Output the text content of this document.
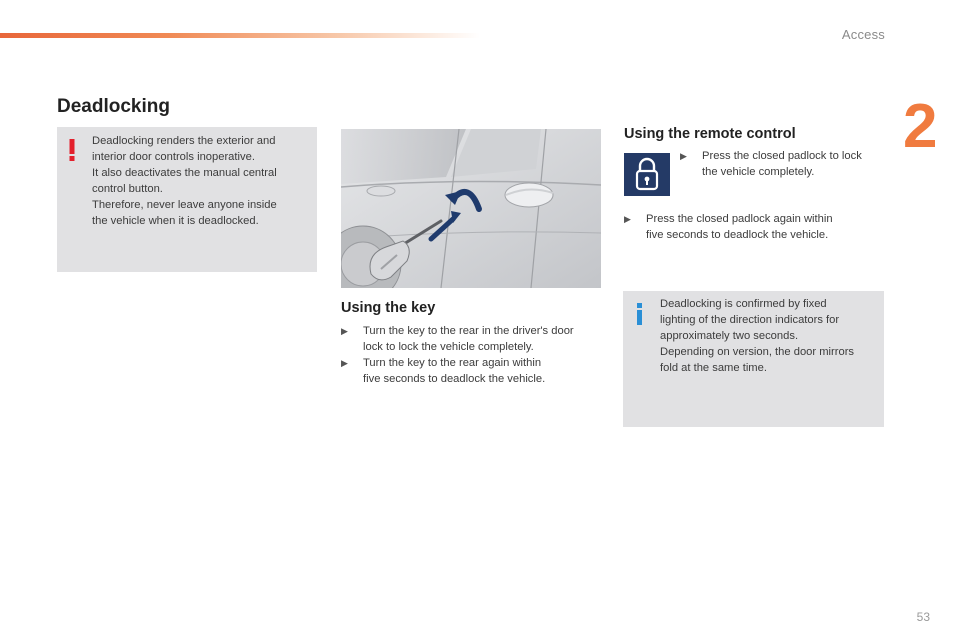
Access
2
Deadlocking

Deadlocking renders the exterior and
interior door controls inoperative.
It also deactivates the manual central
control button.
Therefore, never leave anyone inside
the vehicle when it is deadlocked.

Using the key
▶ Turn the key to the rear in the driver's door
lock to lock the vehicle completely.
▶ Turn the key to the rear again within
five seconds to deadlock the vehicle.
Using the remote control
▶ Press the closed padlock to lock
the vehicle completely.
▶ Press the closed padlock again within
five seconds to deadlock the vehicle.

Deadlocking is confirmed by fixed
lighting of the direction indicators for
approximately two seconds.
Depending on version, the door mirrors
fold at the same time.

53
